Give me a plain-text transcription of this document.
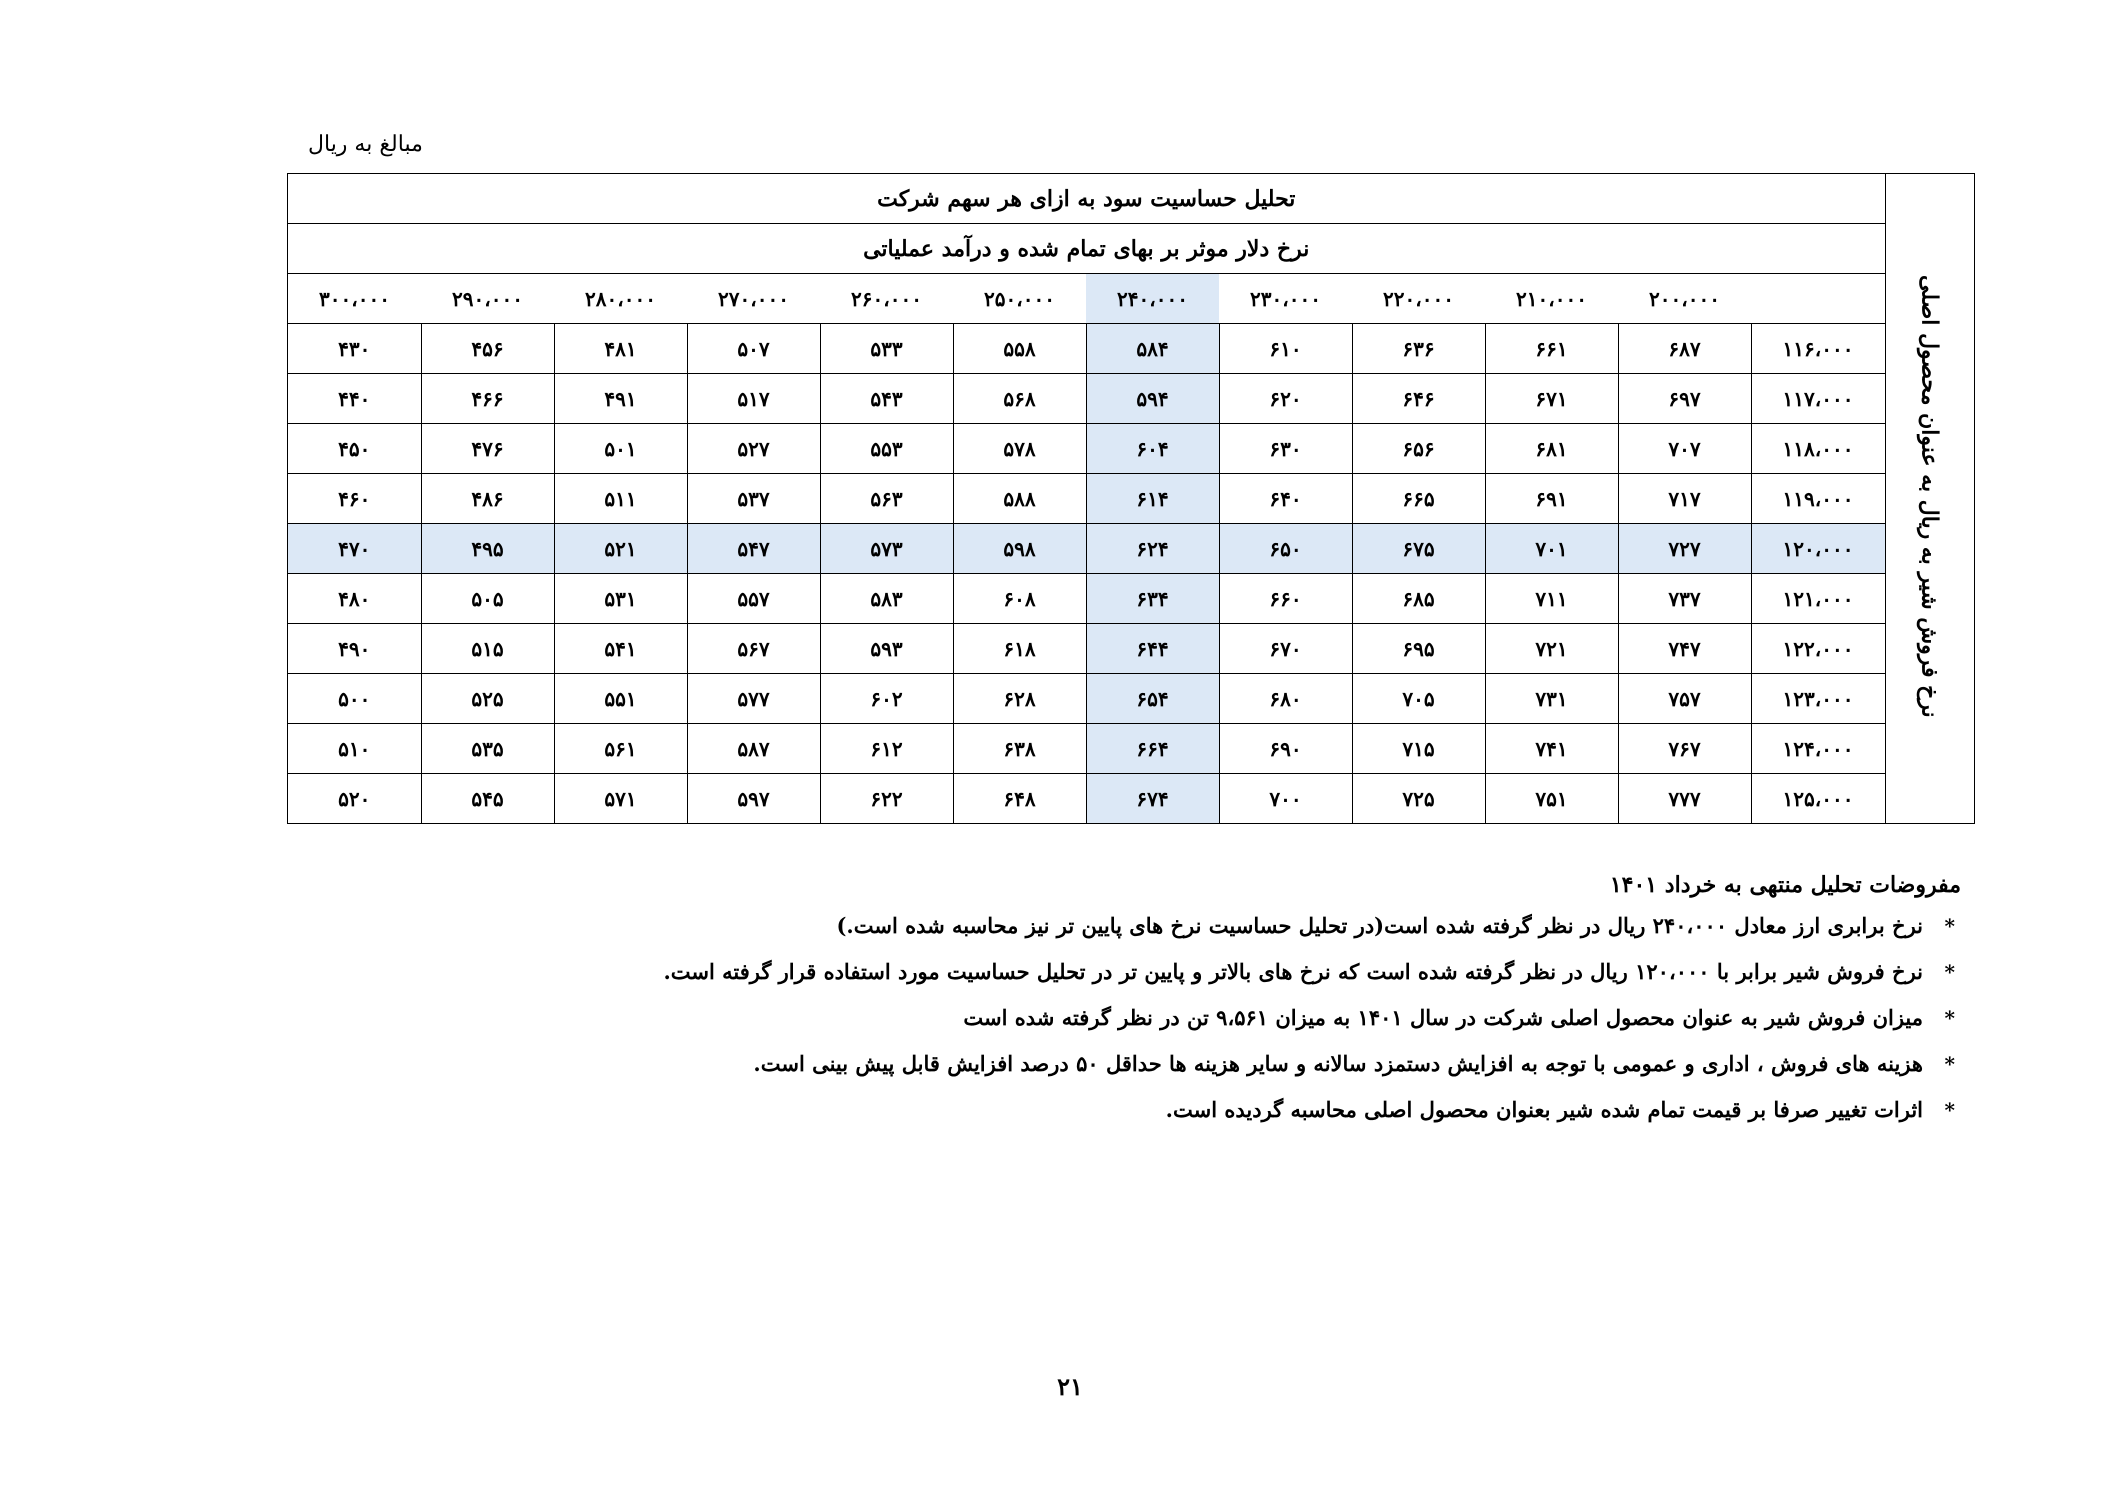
مبالغ به ریال
نرخ فروش شیر به ریال به عنوان محصول اصلی	تحلیل حساسیت سود به ازای هر سهم شرکت											
	نرخ دلار موثر بر بهای تمام شده و درآمد عملیاتی											
		۲۰۰،۰۰۰	۲۱۰،۰۰۰	۲۲۰،۰۰۰	۲۳۰،۰۰۰	۲۴۰،۰۰۰	۲۵۰،۰۰۰	۲۶۰،۰۰۰	۲۷۰،۰۰۰	۲۸۰،۰۰۰	۲۹۰،۰۰۰	۳۰۰،۰۰۰
	۱۱۶،۰۰۰	۶۸۷	۶۶۱	۶۳۶	۶۱۰	۵۸۴	۵۵۸	۵۳۳	۵۰۷	۴۸۱	۴۵۶	۴۳۰
	۱۱۷،۰۰۰	۶۹۷	۶۷۱	۶۴۶	۶۲۰	۵۹۴	۵۶۸	۵۴۳	۵۱۷	۴۹۱	۴۶۶	۴۴۰
	۱۱۸،۰۰۰	۷۰۷	۶۸۱	۶۵۶	۶۳۰	۶۰۴	۵۷۸	۵۵۳	۵۲۷	۵۰۱	۴۷۶	۴۵۰
	۱۱۹،۰۰۰	۷۱۷	۶۹۱	۶۶۵	۶۴۰	۶۱۴	۵۸۸	۵۶۳	۵۳۷	۵۱۱	۴۸۶	۴۶۰
	۱۲۰،۰۰۰	۷۲۷	۷۰۱	۶۷۵	۶۵۰	۶۲۴	۵۹۸	۵۷۳	۵۴۷	۵۲۱	۴۹۵	۴۷۰
	۱۲۱،۰۰۰	۷۳۷	۷۱۱	۶۸۵	۶۶۰	۶۳۴	۶۰۸	۵۸۳	۵۵۷	۵۳۱	۵۰۵	۴۸۰
	۱۲۲،۰۰۰	۷۴۷	۷۲۱	۶۹۵	۶۷۰	۶۴۴	۶۱۸	۵۹۳	۵۶۷	۵۴۱	۵۱۵	۴۹۰
	۱۲۳،۰۰۰	۷۵۷	۷۳۱	۷۰۵	۶۸۰	۶۵۴	۶۲۸	۶۰۲	۵۷۷	۵۵۱	۵۲۵	۵۰۰
	۱۲۴،۰۰۰	۷۶۷	۷۴۱	۷۱۵	۶۹۰	۶۶۴	۶۳۸	۶۱۲	۵۸۷	۵۶۱	۵۳۵	۵۱۰
	۱۲۵،۰۰۰	۷۷۷	۷۵۱	۷۲۵	۷۰۰	۶۷۴	۶۴۸	۶۲۲	۵۹۷	۵۷۱	۵۴۵	۵۲۰
مفروضات تحلیل منتهی به خرداد ۱۴۰۱
*
نرخ برابری ارز معادل ۲۴۰،۰۰۰ ریال در نظر گرفته شده است(در تحلیل حساسیت نرخ های پایین تر نیز محاسبه شده است.)
*
نرخ فروش شیر برابر با ۱۲۰،۰۰۰ ریال در نظر گرفته شده است که نرخ های بالاتر و پایین تر در تحلیل حساسیت مورد استفاده قرار گرفته است.
*
میزان فروش شیر به عنوان محصول اصلی شرکت در سال ۱۴۰۱ به میزان ۹،۵۶۱ تن در نظر گرفته شده است
*
هزینه های فروش ، اداری و عمومی با توجه به افزایش دستمزد سالانه و سایر هزینه ها حداقل ۵۰ درصد افزایش قابل پیش بینی است.
*
اثرات تغییر صرفا بر قیمت تمام شده شیر بعنوان محصول اصلی محاسبه گردیده است.
۲۱
